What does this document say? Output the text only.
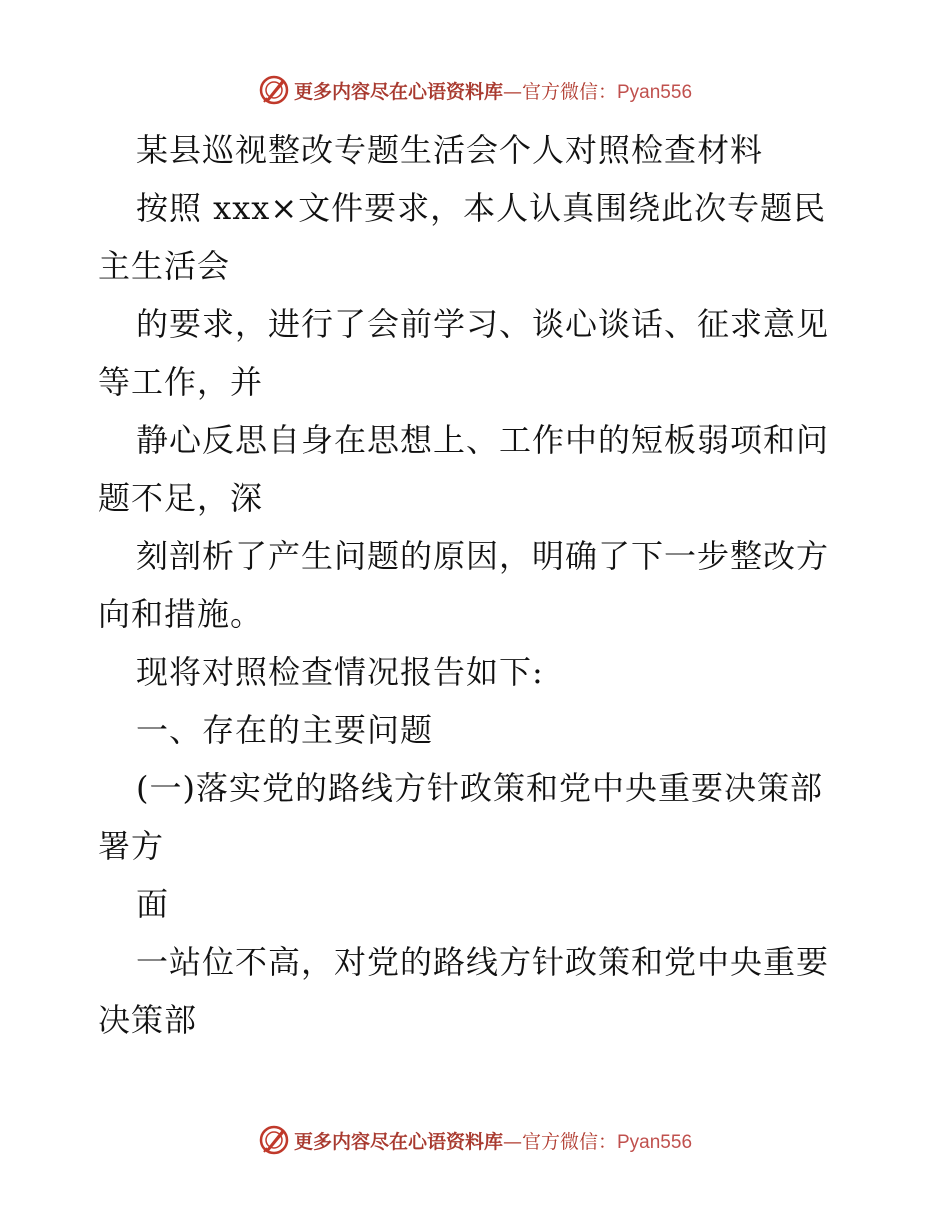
更多内容尽在心语资料库—官方微信：Pyan556
某县巡视整改专题生活会个人对照检查材料
按照 xxx×文件要求，本人认真围绕此次专题民
主生活会
的要求，进行了会前学习、谈心谈话、征求意见
等工作，并
静心反思自身在思想上、工作中的短板弱项和问
题不足，深
刻剖析了产生问题的原因，明确了下一步整改方
向和措施。
现将对照检查情况报告如下:
一、存在的主要问题
(一)落实党的路线方针政策和党中央重要决策部
署方
面
一站位不高，对党的路线方针政策和党中央重要
决策部
更多内容尽在心语资料库—官方微信：Pyan556
